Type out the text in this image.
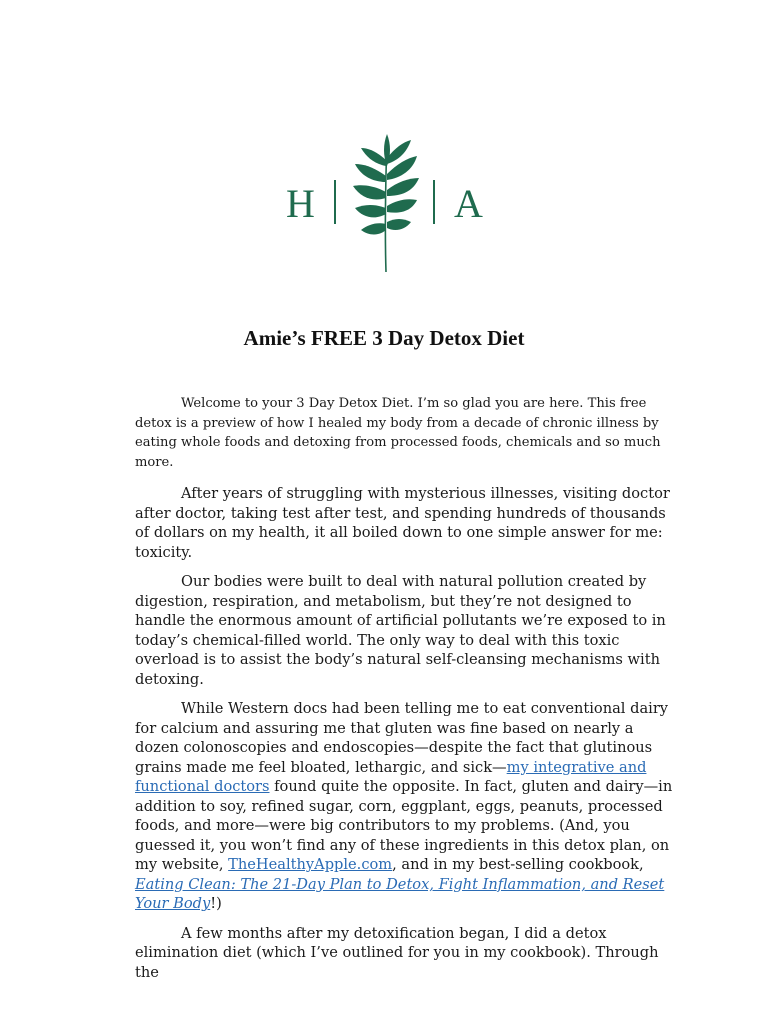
H	A
Amie’s FREE 3 Day Detox Diet

Welcome to your 3 Day Detox Diet. I’m so glad you are here. This free detox is a preview of how I healed my body from a decade of chronic illness by eating whole foods and detoxing from processed foods, chemicals and so much more.

After years of struggling with mysterious illnesses, visiting doctor after doctor, taking test after test, and spending hundreds of thousands of dollars on my health, it all boiled down to one simple answer for me: toxicity.

Our bodies were built to deal with natural pollution created by digestion, respiration, and metabolism, but they’re not designed to handle the enormous amount of artificial pollutants we’re exposed to in today’s chemical-filled world. The only way to deal with this toxic overload is to assist the body’s natural self-cleansing mechanisms with detoxing.

While Western docs had been telling me to eat conventional dairy for calcium and assuring me that gluten was fine based on nearly a dozen colonoscopies and endoscopies—despite the fact that glutinous grains made me feel bloated, lethargic, and sick—my integrative and functional doctors found quite the opposite. In fact, gluten and dairy—in addition to soy, refined sugar, corn, eggplant, eggs, peanuts, processed foods, and more—were big contributors to my problems. (And, you guessed it, you won’t find any of these ingredients in this detox plan, on my website, TheHealthyApple.com, and in my best-selling cookbook, Eating Clean: The 21-Day Plan to Detox, Fight Inflammation, and Reset Your Body!)

A few months after my detoxification began, I did a detox elimination diet (which I’ve outlined for you in my cookbook). Through the
